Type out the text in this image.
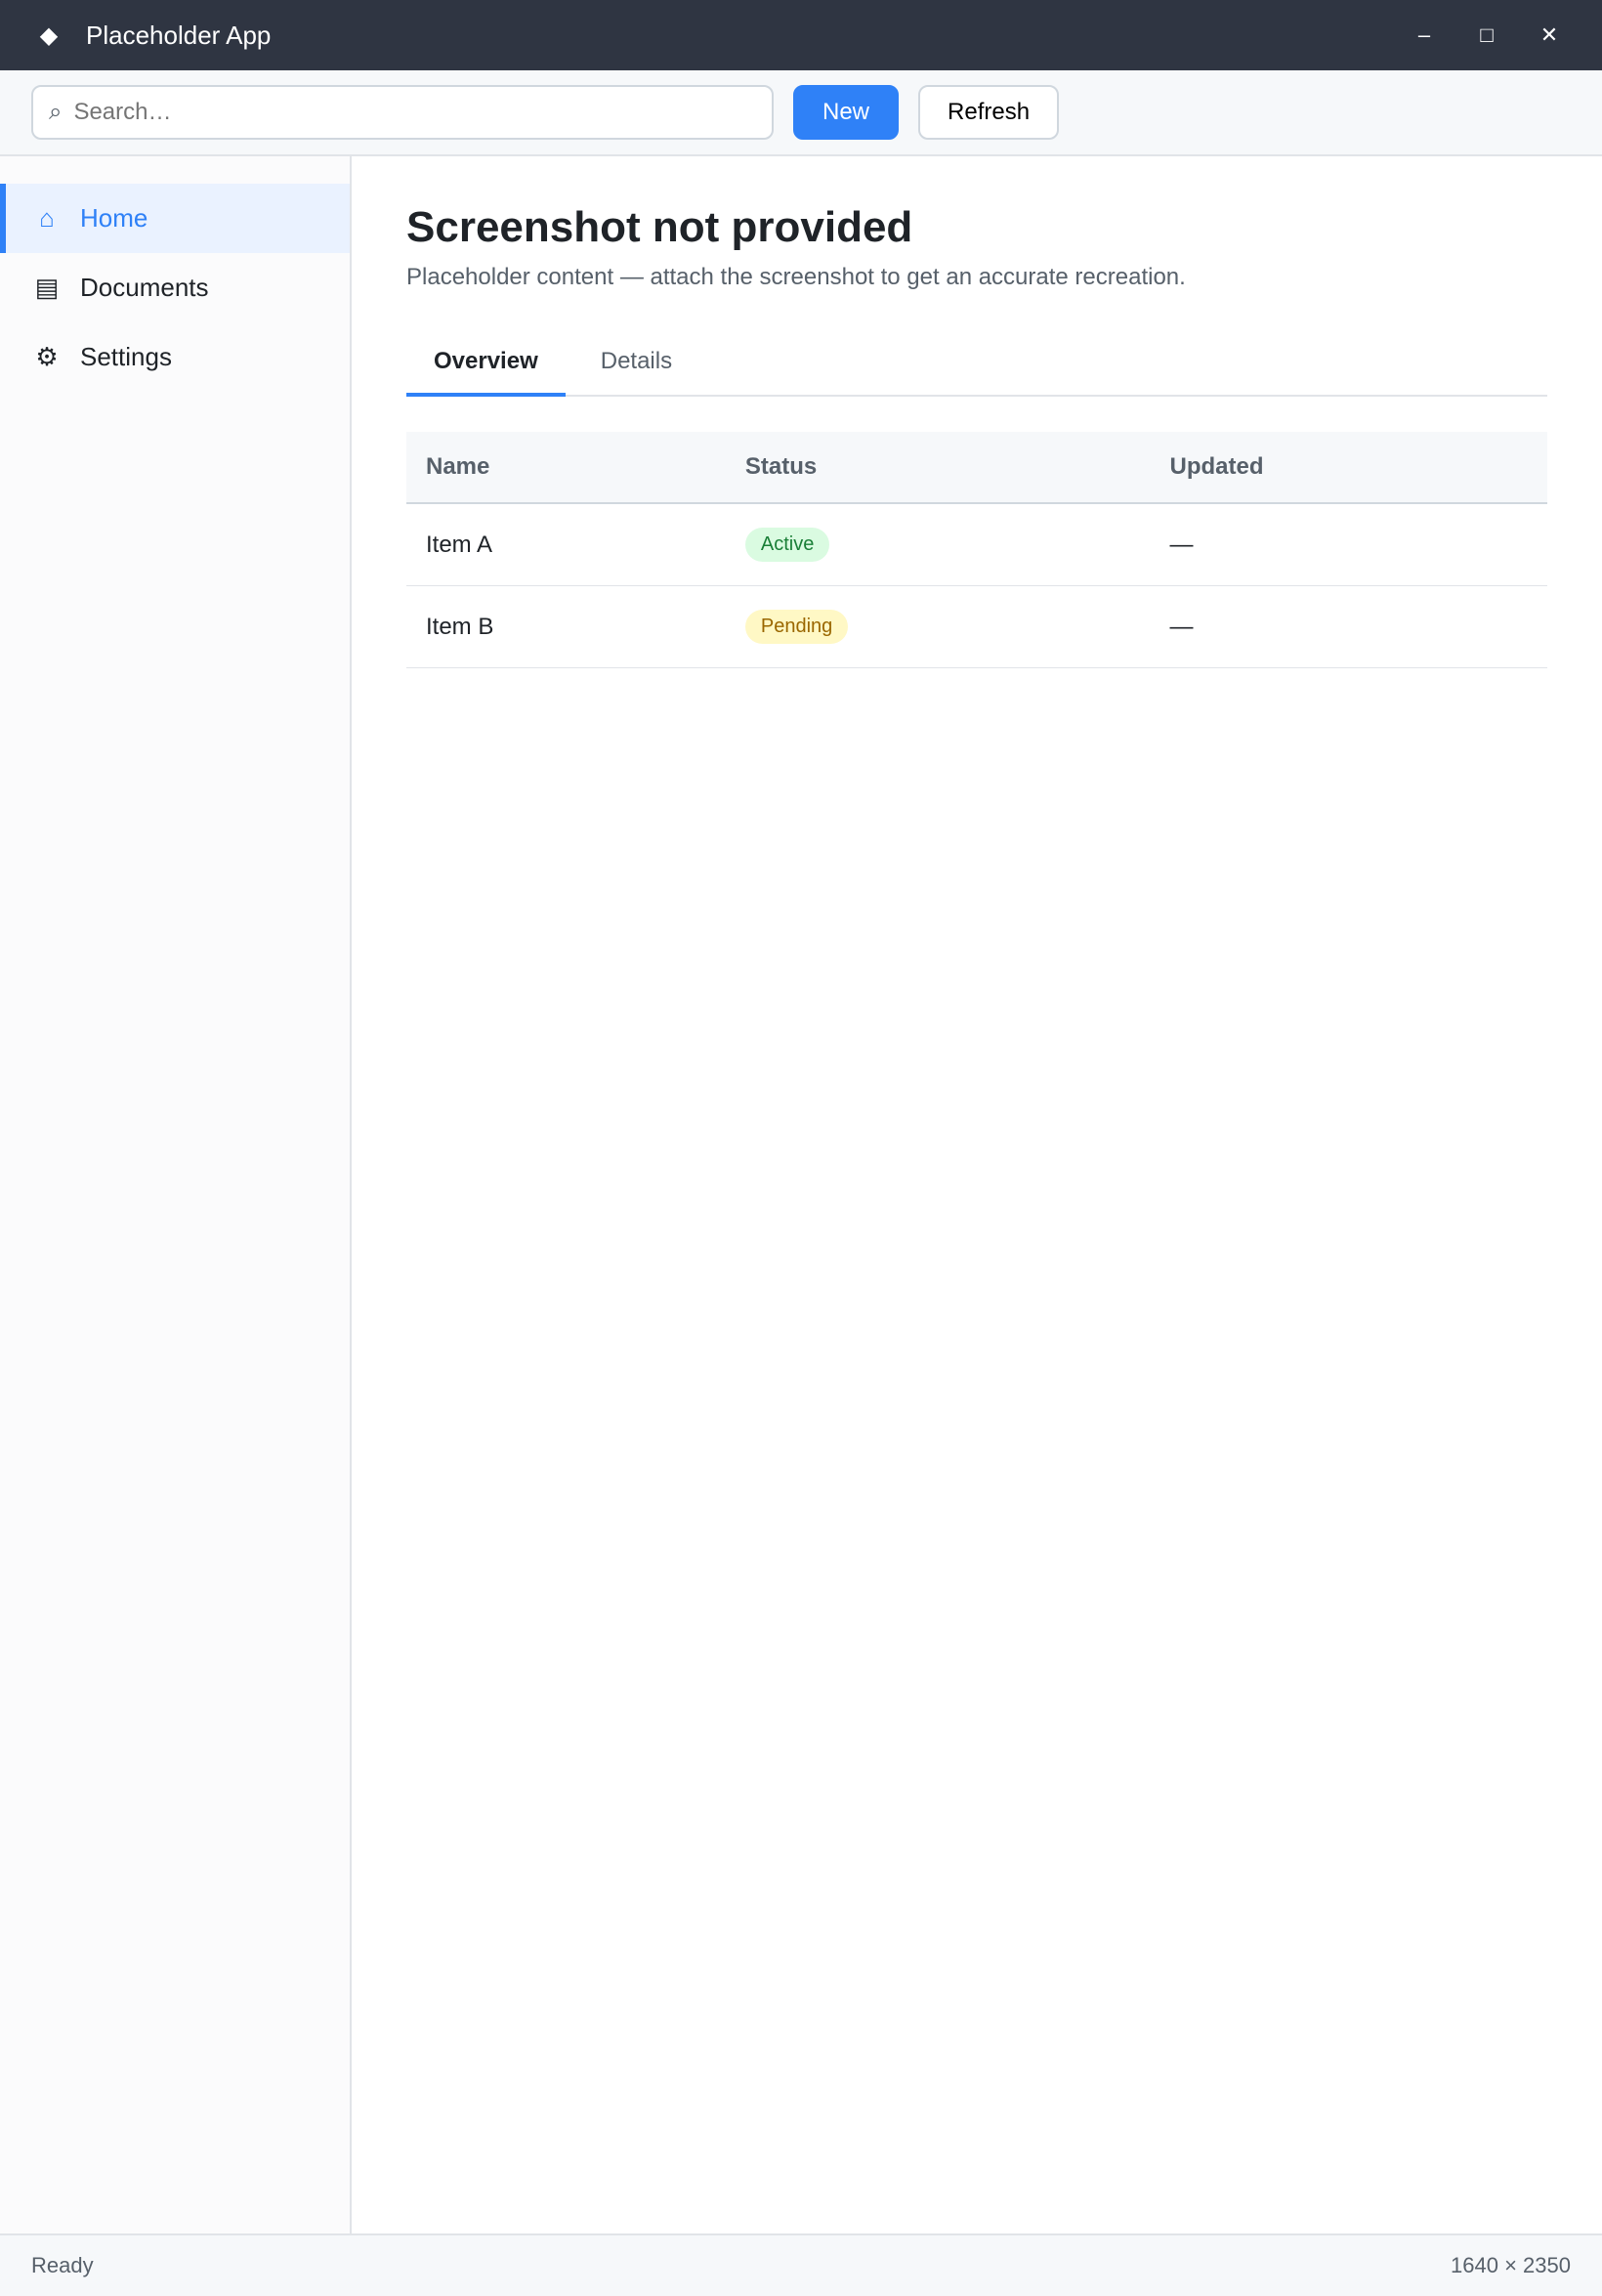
◆	Placeholder App	–	□	✕
⌕
Search…	New	Refresh
⌂	Home
▤ Documents
⚙ Settings
Screenshot not provided

Placeholder content — attach the screenshot to get an accurate recreation.

Overview	Details
Name	Status	Updated
Item A	Active	—
Item B	Pending	—
Ready	1640 × 2350
